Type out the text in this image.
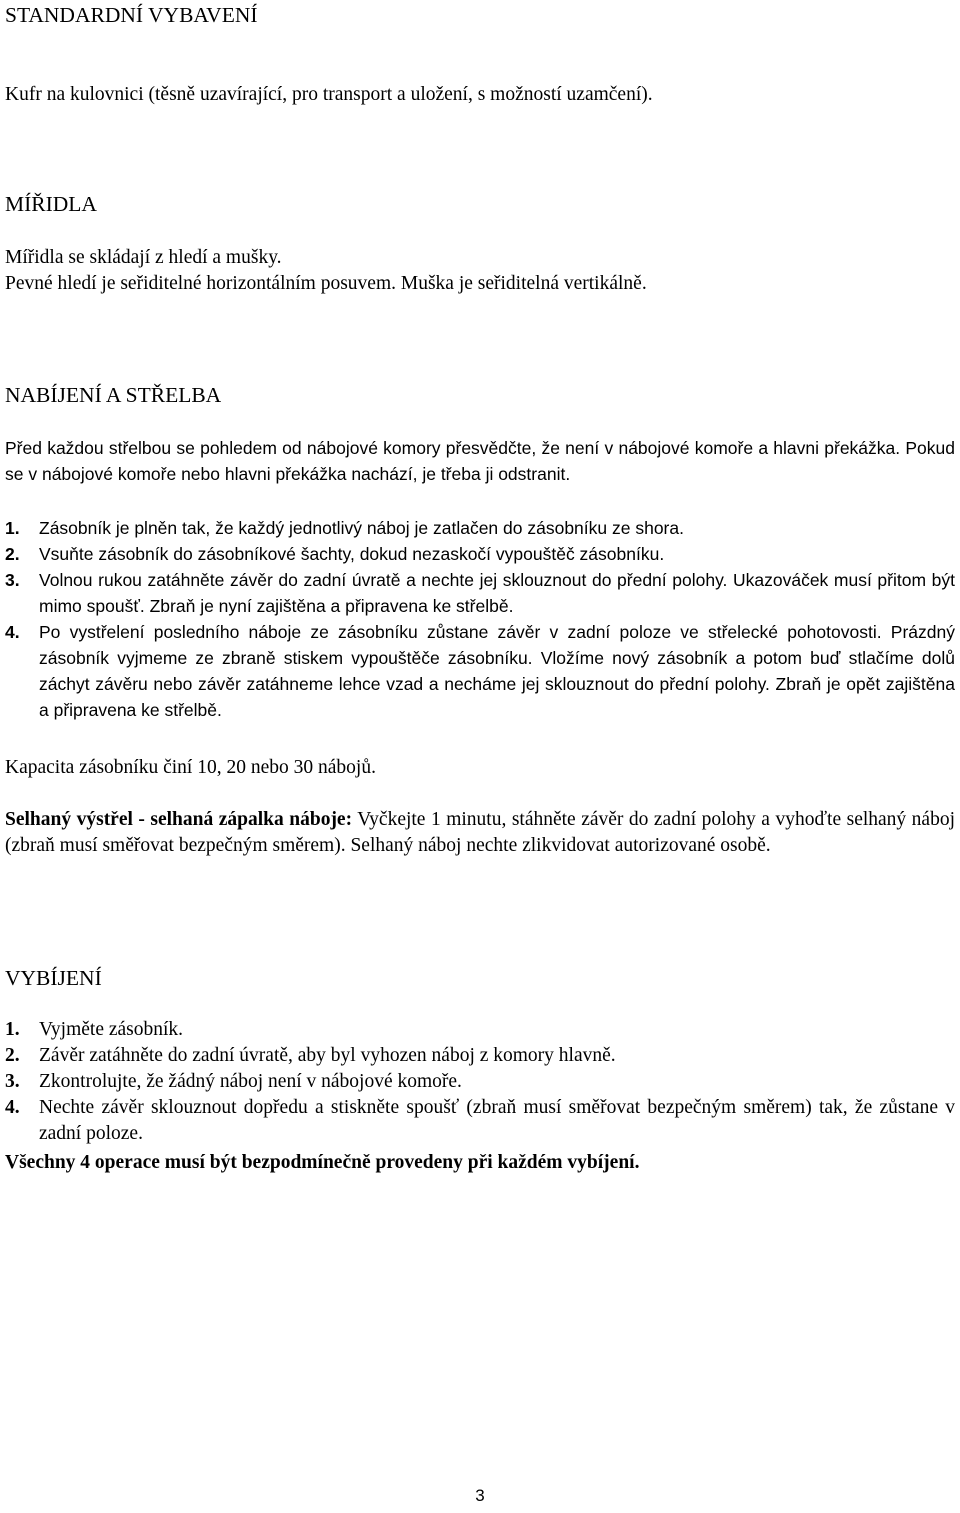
STANDARDNÍ VYBAVENÍ
Kufr na kulovnici (těsně uzavírající, pro transport a uložení, s možností uzamčení).
MÍŘIDLA
Mířidla se skládají z hledí a mušky.
Pevné hledí je seřiditelné horizontálním posuvem. Muška je seřiditelná vertikálně.
NABÍJENÍ A STŘELBA
Před každou střelbou se pohledem od nábojové komory přesvědčte, že není v nábojové komoře a hlavni překážka. Pokud se v nábojové komoře nebo hlavni překážka nachází, je třeba ji odstranit.
1. Zásobník je plněn tak, že každý jednotlivý náboj je zatlačen do zásobníku ze shora.
2. Vsuňte zásobník do zásobníkové šachty, dokud nezaskočí vypouštěč zásobníku.
3. Volnou rukou zatáhněte závěr do zadní úvratě a nechte jej sklouznout do přední polohy. Ukazováček musí přitom být mimo spoušť. Zbraň je nyní zajištěna a připravena ke střelbě.
4. Po vystřelení posledního náboje ze zásobníku zůstane závěr v zadní poloze ve střelecké pohotovosti. Prázdný zásobník vyjmeme ze zbraně stiskem vypouštěče zásobníku. Vložíme nový zásobník a potom buď stlačíme dolů záchyt závěru nebo závěr zatáhneme lehce vzad a necháme jej sklouznout do přední polohy. Zbraň je opět zajištěna a připravena ke střelbě.
Kapacita zásobníku činí 10, 20 nebo 30 nábojů.
Selhaný výstřel - selhaná zápalka náboje: Vyčkejte 1 minutu, stáhněte závěr do zadní polohy a vyhoďte selhaný náboj (zbraň musí směřovat bezpečným směrem). Selhaný náboj nechte zlikvidovat autorizované osobě.
VYBÍJENÍ
1. Vyjměte zásobník.
2. Závěr zatáhněte do zadní úvratě, aby byl vyhozen náboj z komory hlavně.
3. Zkontrolujte, že žádný náboj není v nábojové komoře.
4. Nechte závěr sklouznout dopředu a stiskněte spoušť (zbraň musí směřovat bezpečným směrem) tak, že zůstane v zadní poloze.
Všechny 4 operace musí být bezpodmínečně provedeny při každém vybíjení.
3
